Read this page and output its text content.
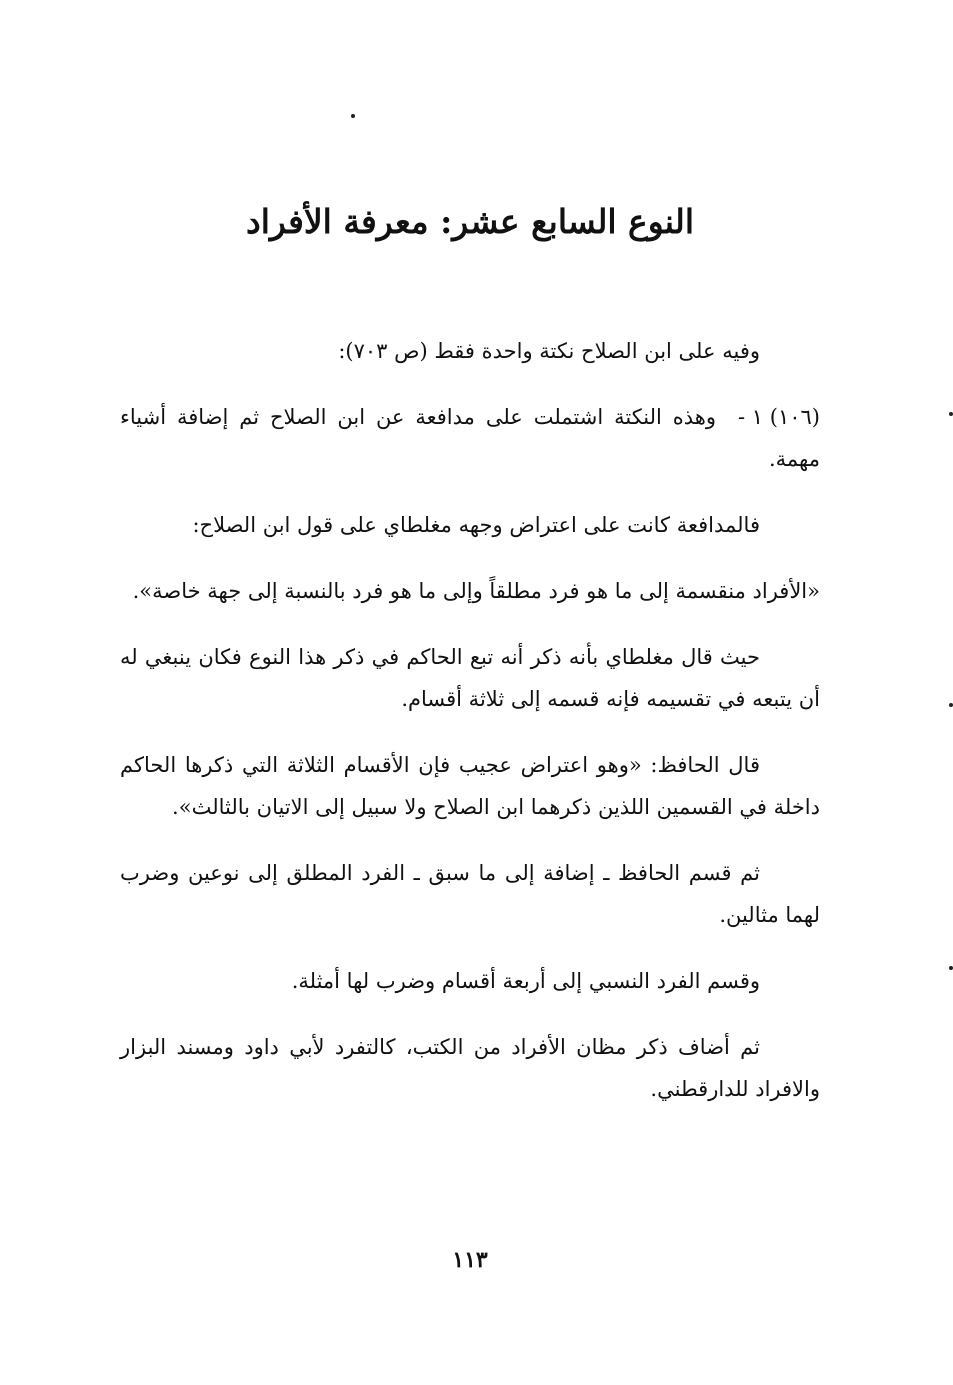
النوع السابع عشر: معرفة الأفراد

وفيه على ابن الصلاح نكتة واحدة فقط (ص ٧٠٣):

(١٠٦) ١ -وهذه النكتة اشتملت على مدافعة عن ابن الصلاح ثم إضافة أشياء مهمة.

فالمدافعة كانت على اعتراض وجهه مغلطاي على قول ابن الصلاح:

«الأفراد منقسمة إلى ما هو فرد مطلقاً وإلى ما هو فرد بالنسبة إلى جهة خاصة».

حيث قال مغلطاي بأنه ذكر أنه تبع الحاكم في ذكر هذا النوع فكان ينبغي له أن يتبعه في تقسيمه فإنه قسمه إلى ثلاثة أقسام.

قال الحافظ: «وهو اعتراض عجيب فإن الأقسام الثلاثة التي ذكرها الحاكم داخلة في القسمين اللذين ذكرهما ابن الصلاح ولا سبيل إلى الاتيان بالثالث».

ثم قسم الحافظ ـ إضافة إلى ما سبق ـ الفرد المطلق إلى نوعين وضرب لهما مثالين.

وقسم الفرد النسبي إلى أربعة أقسام وضرب لها أمثلة.

ثم أضاف ذكر مظان الأفراد من الكتب، كالتفرد لأبي داود ومسند البزار والافراد للدارقطني.

١١٣
